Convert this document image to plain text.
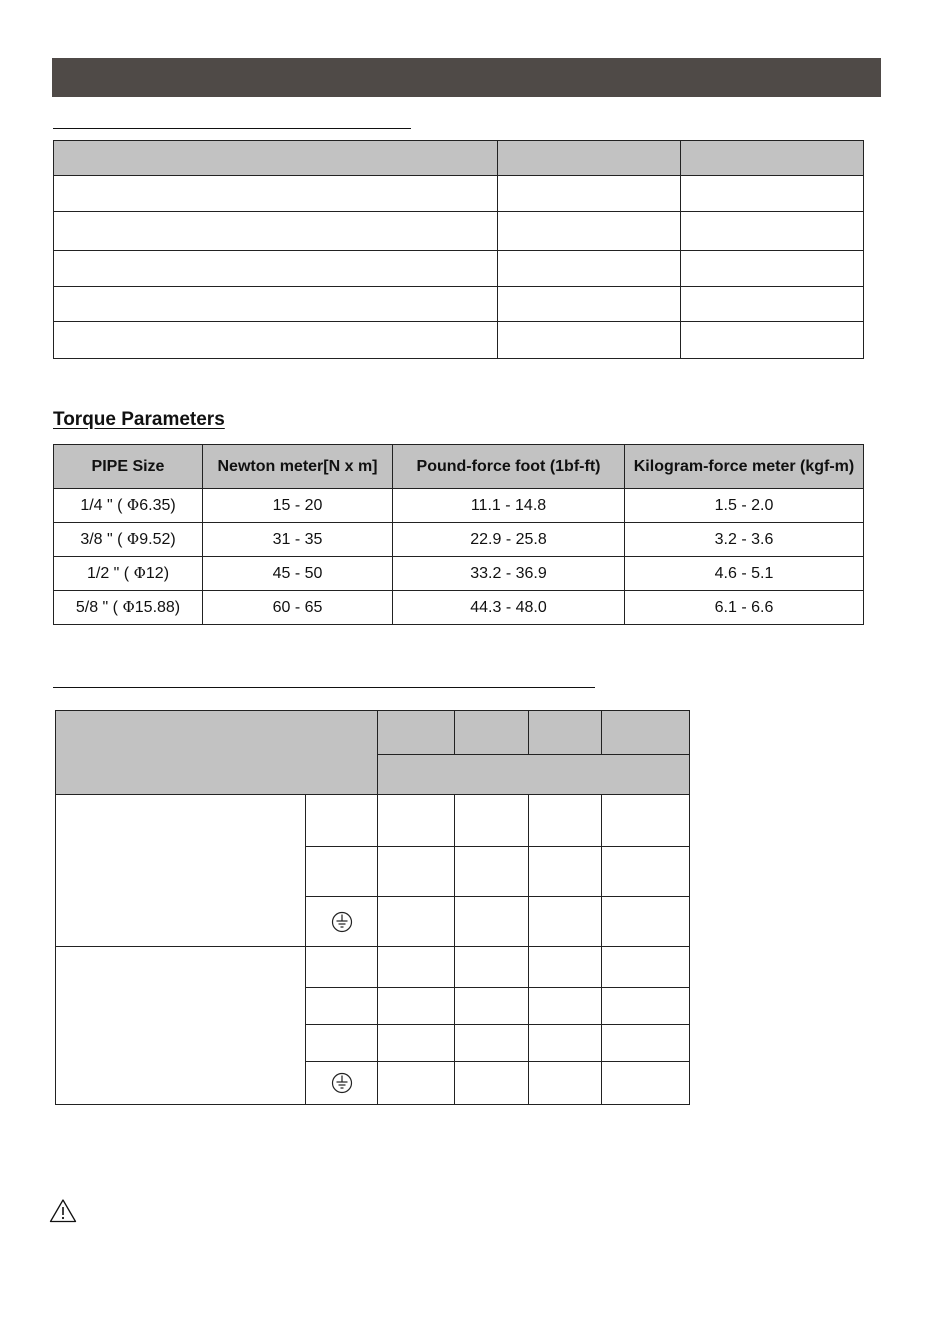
Torque Parameters
PIPE Size	Newton meter[N x m]	Pound-force foot (1bf-ft)	Kilogram-force meter (kgf-m)
1/4 " ( Φ6.35)	15 - 20	11.1 - 14.8	1.5 - 2.0
3/8 " ( Φ9.52)	31 - 35	22.9 - 25.8	3.2 - 3.6
1/2 " ( Φ12)	45 - 50	33.2 - 36.9	4.6 - 5.1
5/8 " ( Φ15.88)	60 - 65	44.3 - 48.0	6.1 - 6.6
